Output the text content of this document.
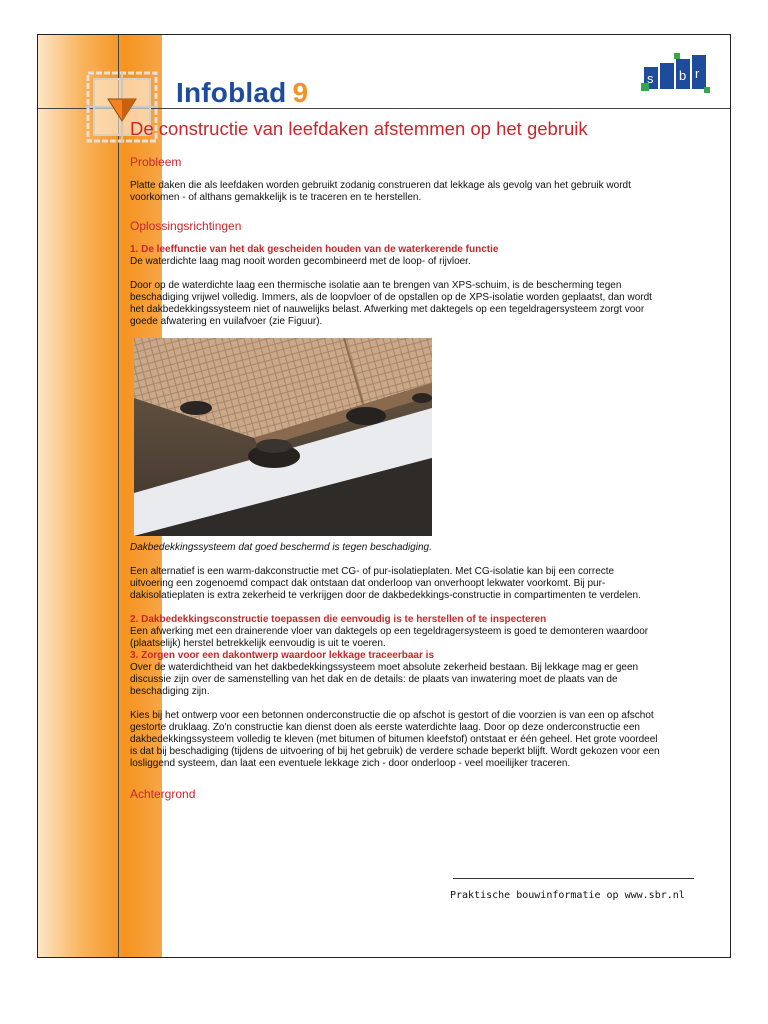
Infoblad 9	s b r
De constructie van leefdaken afstemmen op het gebruik

Probleem

Platte daken die als leefdaken worden gebruikt zodanig construeren dat lekkage als gevolg van het gebruik wordt voorkomen - of althans gemakkelijk is te traceren en te herstellen.

Oplossingsrichtingen

1. De leeffunctie van het dak gescheiden houden van de waterkerende functie

De waterdichte laag mag nooit worden gecombineerd met de loop- of rijvloer.

Door op de waterdichte laag een thermische isolatie aan te brengen van XPS-schuim, is de bescherming tegen beschadiging vrijwel volledig. Immers, als de loopvloer of de opstallen op de XPS-isolatie worden geplaatst, dan wordt het dakbedekkingssysteem niet of nauwelijks belast. Afwerking met daktegels op een tegeldragersysteem zorgt voor goede afwatering en vuilafvoer (zie Figuur).

Dakbedekkingssysteem dat goed beschermd is tegen beschadiging.

Een alternatief is een warm-dakconstructie met CG- of pur-isolatieplaten. Met CG-isolatie kan bij een correcte uitvoering een zogenoemd compact dak ontstaan dat onderloop van onverhoopt lekwater voorkomt. Bij pur-dakisolatieplaten is extra zekerheid te verkrijgen door de dakbedekkings-constructie in compartimenten te verdelen.

2. Dakbedekkingsconstructie toepassen die eenvoudig is te herstellen of te inspecteren

Een afwerking met een drainerende vloer van daktegels op een tegeldragersysteem is goed te demonteren waardoor (plaatselijk) herstel betrekkelijk eenvoudig is uit te voeren.

3. Zorgen voor een dakontwerp waardoor lekkage traceerbaar is

Over de waterdichtheid van het dakbedekkingssysteem moet absolute zekerheid bestaan. Bij lekkage mag er geen discussie zijn over de samenstelling van het dak en de details: de plaats van inwatering moet de plaats van de beschadiging zijn.

Kies bij het ontwerp voor een betonnen onderconstructie die op afschot is gestort of die voorzien is van een op afschot gestorte druklaag. Zo'n constructie kan dienst doen als eerste waterdichte laag. Door op deze onderconstructie een dakbedekkingssysteem volledig te kleven (met bitumen of bitumen kleefstof) ontstaat er één geheel. Het grote voordeel is dat bij beschadiging (tijdens de uitvoering of bij het gebruik) de verdere schade beperkt blijft. Wordt gekozen voor een losliggend systeem, dan laat een eventuele lekkage zich - door onderloop - veel moeilijker traceren.

Achtergrond

Praktische bouwinformatie op www.sbr.nl
